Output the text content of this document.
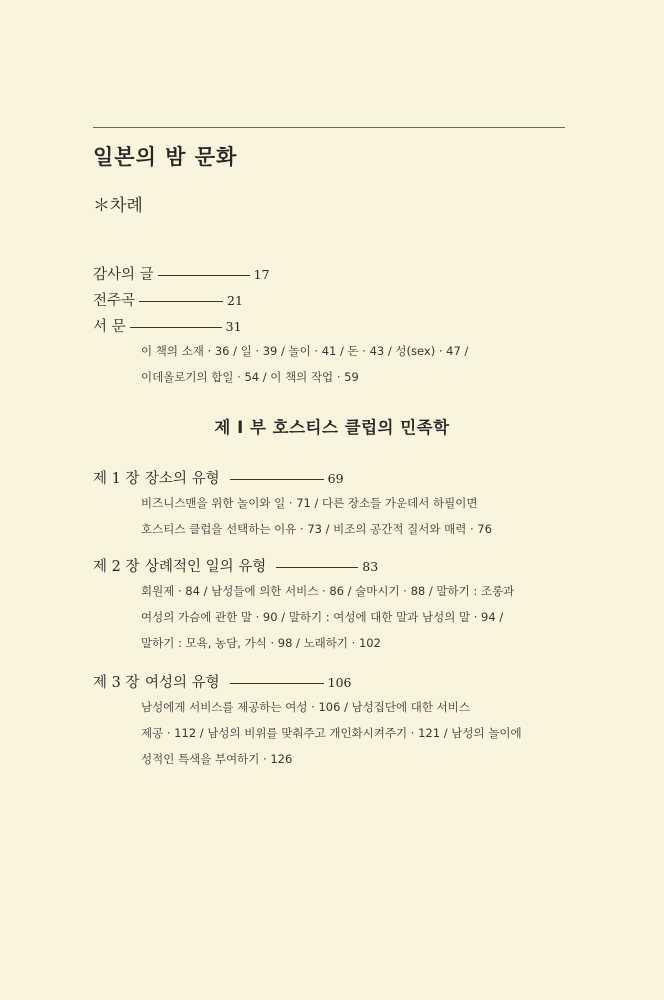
일본의 밤 문화
＊차례
감사의 글	17
전주곡	21
서 문	31
이 책의 소재 · 36 / 일 · 39 / 놀이 · 41 / 돈 · 43 / 성(sex) · 47 /
이데올로기의 합일 · 54 / 이 책의 작업 · 59
제 I 부 호스티스 클럽의 민족학
제 1 장 장소의 유형	69
비즈니스맨을 위한 놀이와 일 · 71 / 다른 장소들 가운데서 하필이면
호스티스 클럽을 선택하는 이유 · 73 / 비조의 공간적 질서와 매력 · 76
제 2 장 상례적인 일의 유형	83
회원제 · 84 / 남성들에 의한 서비스 · 86 / 술마시기 · 88 / 말하기 : 조롱과
여성의 가슴에 관한 말 · 90 / 말하기 : 여성에 대한 말과 남성의 말 · 94 /
말하기 : 모욕, 농담, 가식 · 98 / 노래하기 · 102
제 3 장 여성의 유형	106
남성에게 서비스를 제공하는 여성 · 106 / 남성집단에 대한 서비스
제공 · 112 / 남성의 비위를 맞춰주고 개인화시켜주기 · 121 / 남성의 놀이에
성적인 특색을 부여하기 · 126
